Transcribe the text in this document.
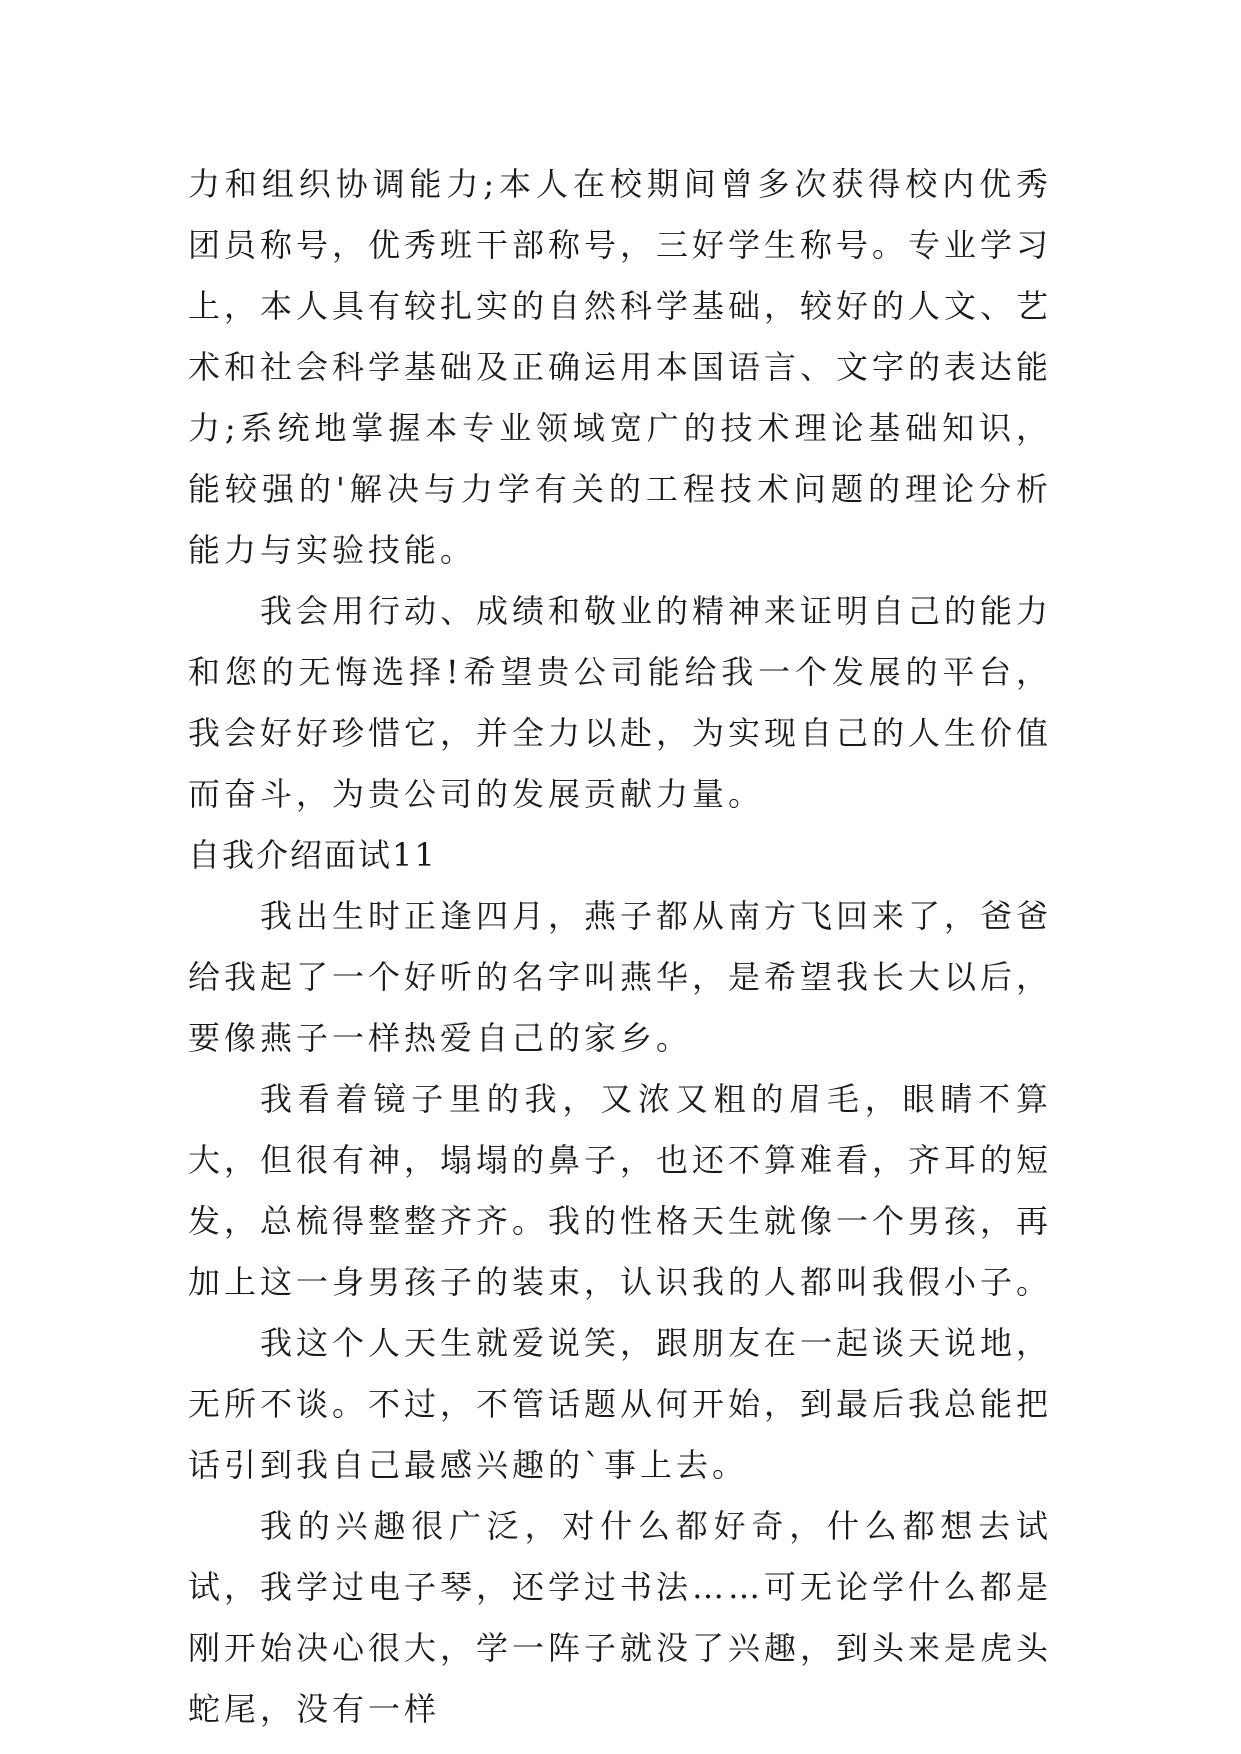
力和组织协调能力;本人在校期间曾多次获得校内优秀团员称号，优秀班干部称号，三好学生称号。专业学习上，本人具有较扎实的自然科学基础，较好的人文、艺术和社会科学基础及正确运用本国语言、文字的表达能力;系统地掌握本专业领域宽广的技术理论基础知识，能较强的'解决与力学有关的工程技术问题的理论分析能力与实验技能。

我会用行动、成绩和敬业的精神来证明自己的能力和您的无悔选择!希望贵公司能给我一个发展的平台，我会好好珍惜它，并全力以赴，为实现自己的人生价值而奋斗，为贵公司的发展贡献力量。

自我介绍面试11

我出生时正逢四月，燕子都从南方飞回来了，爸爸给我起了一个好听的名字叫燕华，是希望我长大以后，要像燕子一样热爱自己的家乡。

我看着镜子里的我，又浓又粗的眉毛，眼睛不算大，但很有神，塌塌的鼻子，也还不算难看，齐耳的短发，总梳得整整齐齐。我的性格天生就像一个男孩，再加上这一身男孩子的装束，认识我的人都叫我假小子。

我这个人天生就爱说笑，跟朋友在一起谈天说地，无所不谈。不过，不管话题从何开始，到最后我总能把话引到我自己最感兴趣的`事上去。

我的兴趣很广泛，对什么都好奇，什么都想去试试，我学过电子琴，还学过书法……可无论学什么都是刚开始决心很大，学一阵子就没了兴趣，到头来是虎头蛇尾，没有一样
